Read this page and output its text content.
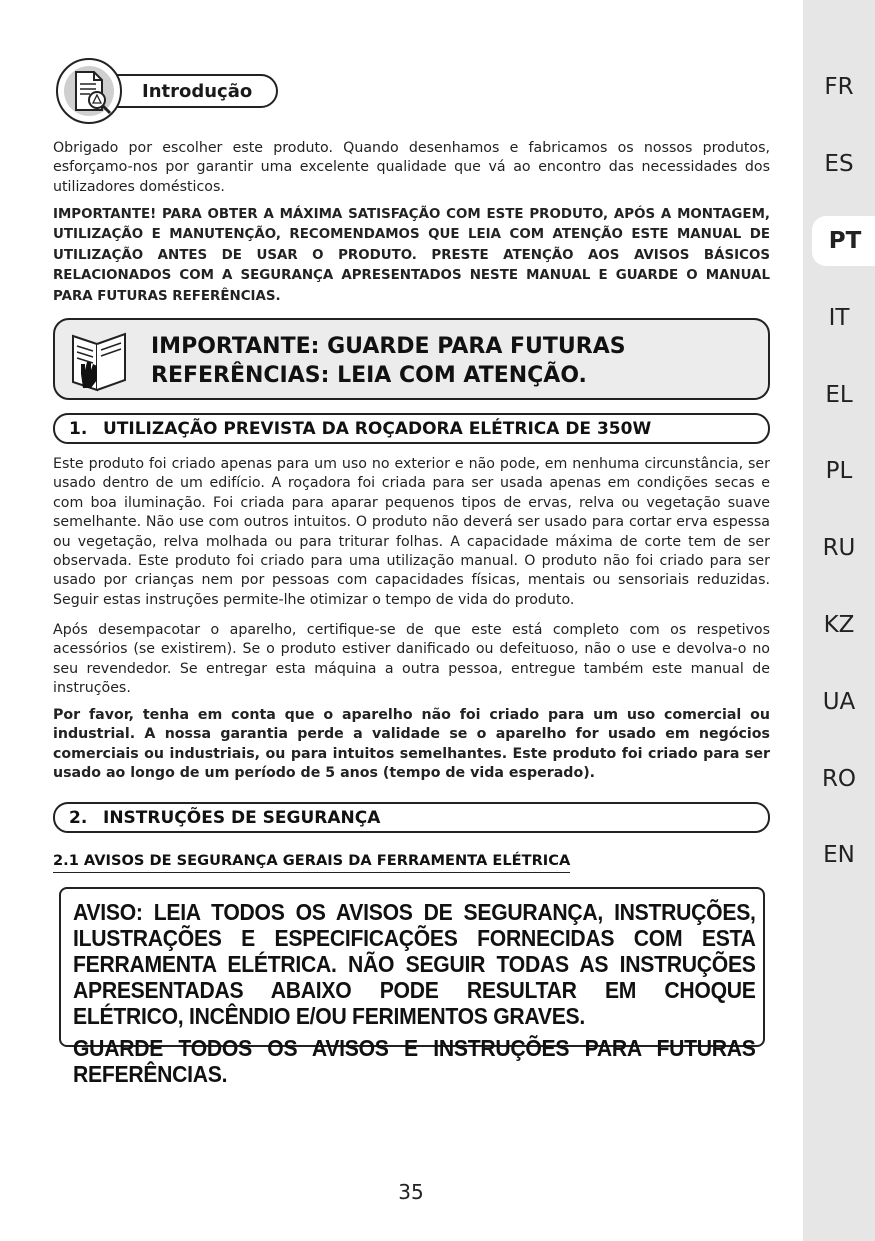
Introdução

Obrigado por escolher este produto. Quando desenhamos e fabricamos os nossos produtos, esforçamo-nos por garantir uma excelente qualidade que vá ao encontro das necessidades dos utilizadores domésticos.

IMPORTANTE! PARA OBTER A MÁXIMA SATISFAÇÃO COM ESTE PRODUTO, APÓS A MONTAGEM, UTILIZAÇÃO E MANUTENÇÃO, RECOMENDAMOS QUE LEIA COM ATENÇÃO ESTE MANUAL DE UTILIZAÇÃO ANTES DE USAR O PRODUTO. PRESTE ATENÇÃO AOS AVISOS BÁSICOS RELACIONADOS COM A SEGURANÇA APRESENTADOS NESTE MANUAL E GUARDE O MANUAL PARA FUTURAS REFERÊNCIAS.

IMPORTANTE: GUARDE PARA FUTURAS
REFERÊNCIAS: LEIA COM ATENÇÃO.
1. UTILIZAÇÃO PREVISTA DA ROÇADORA ELÉTRICA DE 350W

Este produto foi criado apenas para um uso no exterior e não pode, em nenhuma circunstância, ser usado dentro de um edifício. A roçadora foi criada para ser usada apenas em condições secas e com boa iluminação. Foi criada para aparar pequenos tipos de ervas, relva ou vegetação suave semelhante. Não use com outros intuitos. O produto não deverá ser usado para cortar erva espessa ou vegetação, relva molhada ou para triturar folhas. A capacidade máxima de corte tem de ser observada. Este produto foi criado para uma utilização manual. O produto não foi criado para ser usado por crianças nem por pessoas com capacidades físicas, mentais ou sensoriais reduzidas. Seguir estas instruções permite-lhe otimizar o tempo de vida do produto.

Após desempacotar o aparelho, certifique-se de que este está completo com os respetivos acessórios (se existirem). Se o produto estiver danificado ou defeituoso, não o use e devolva-o no seu revendedor. Se entregar esta máquina a outra pessoa, entregue também este manual de instruções.

Por favor, tenha em conta que o aparelho não foi criado para um uso comercial ou industrial. A nossa garantia perde a validade se o aparelho for usado em negócios comerciais ou industriais, ou para intuitos semelhantes. Este produto foi criado para ser usado ao longo de um período de 5 anos (tempo de vida esperado).

2. INSTRUÇÕES DE SEGURANÇA
2.1 AVISOS DE SEGURANÇA GERAIS DA FERRAMENTA ELÉTRICA

AVISO: LEIA TODOS OS AVISOS DE SEGURANÇA, INSTRUÇÕES, ILUSTRAÇÕES E ESPECIFICAÇÕES FORNECIDAS COM ESTA FERRAMENTA ELÉTRICA. NÃO SEGUIR TODAS AS INSTRUÇÕES APRESENTADAS ABAIXO PODE RESULTAR EM CHOQUE ELÉTRICO, INCÊNDIO E/OU FERIMENTOS GRAVES.

GUARDE TODOS OS AVISOS E INSTRUÇÕES PARA FUTURAS REFERÊNCIAS.

35
FR
ES
PT
IT
EL
PL
RU
KZ
UA
RO
EN
